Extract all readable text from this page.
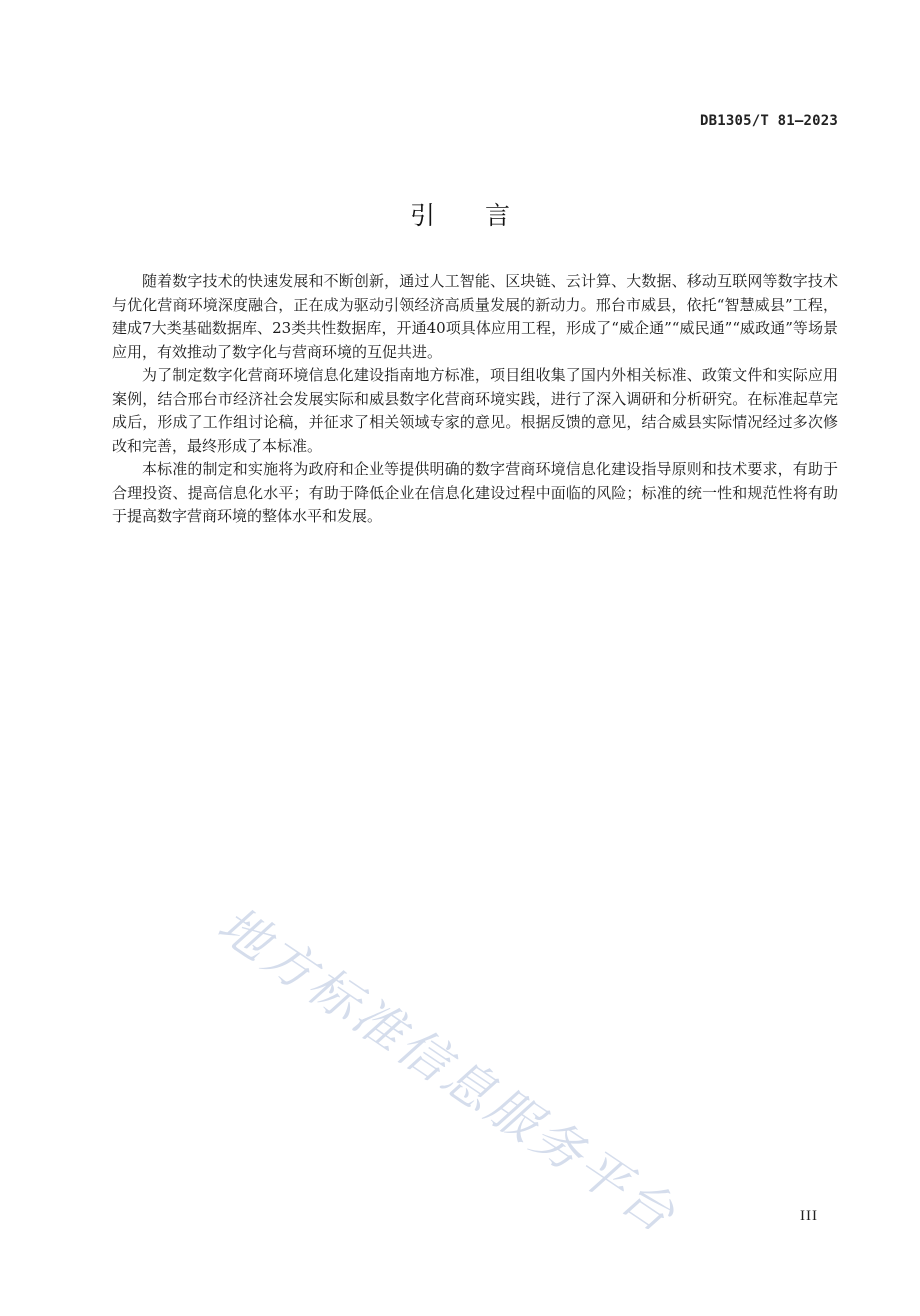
DB1305/T 81—2023
引言

随着数字技术的快速发展和不断创新，通过人工智能、区块链、云计算、大数据、移动互联网等数字技术与优化营商环境深度融合，正在成为驱动引领经济高质量发展的新动力。邢台市威县，依托“智慧威县”工程，建成7大类基础数据库、23类共性数据库，开通40项具体应用工程，形成了“威企通”“威民通”“威政通”等场景应用，有效推动了数字化与营商环境的互促共进。

为了制定数字化营商环境信息化建设指南地方标准，项目组收集了国内外相关标准、政策文件和实际应用案例，结合邢台市经济社会发展实际和威县数字化营商环境实践，进行了深入调研和分析研究。在标准起草完成后，形成了工作组讨论稿，并征求了相关领域专家的意见。根据反馈的意见，结合威县实际情况经过多次修改和完善，最终形成了本标准。

本标准的制定和实施将为政府和企业等提供明确的数字营商环境信息化建设指导原则和技术要求，有助于合理投资、提高信息化水平；有助于降低企业在信息化建设过程中面临的风险；标准的统一性和规范性将有助于提高数字营商环境的整体水平和发展。

地方标准信息服务平台	III
